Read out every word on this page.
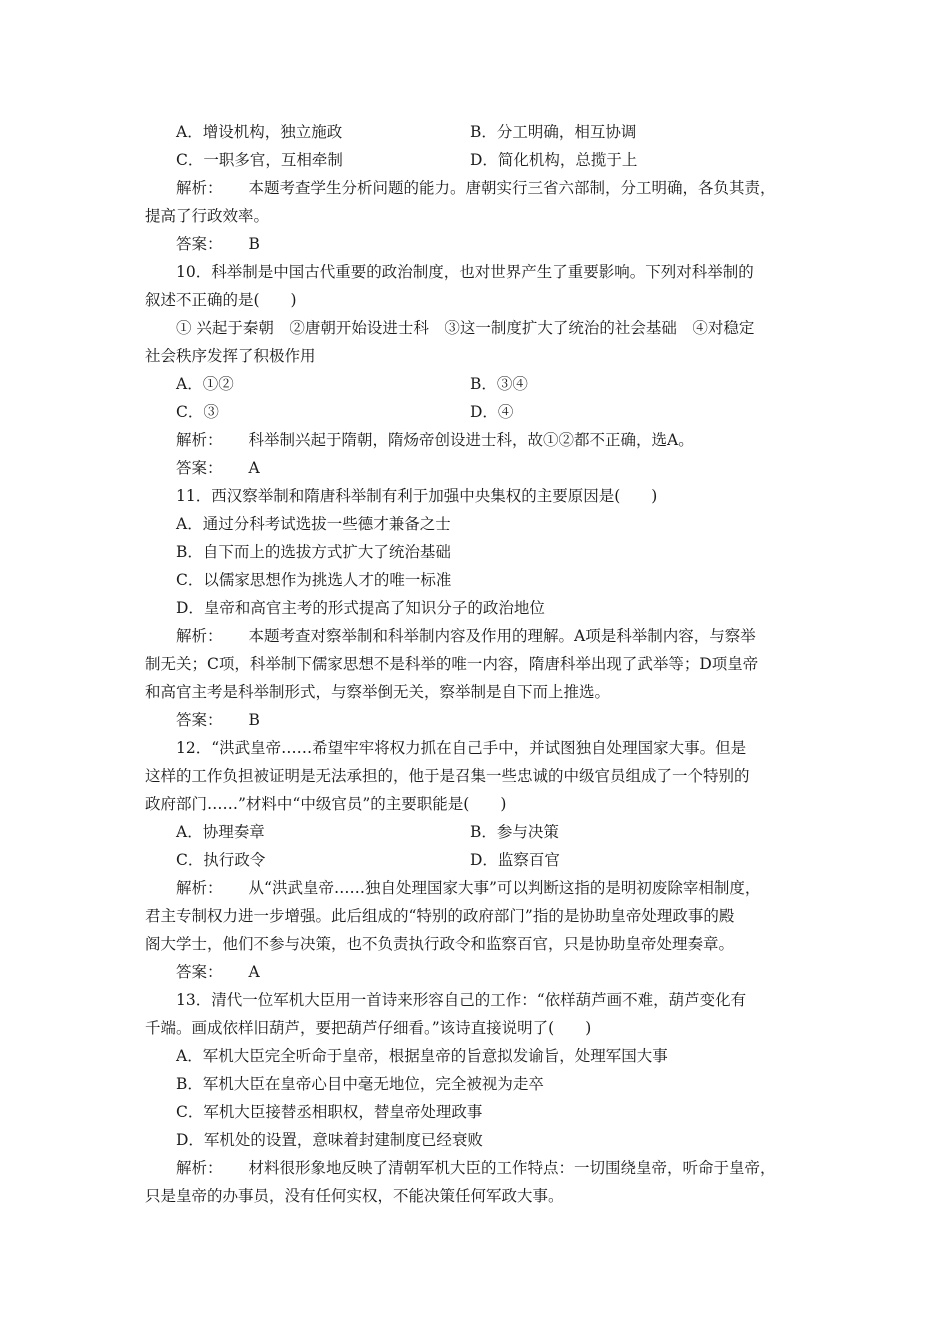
A．增设机构，独立施政	B．分工明确，相互协调
C．一职多官，互相牵制	D．简化机构，总揽于上
解析： 本题考查学生分析问题的能力。唐朝实行三省六部制，分工明确，各负其责，
提高了行政效率。
答案： B
10．科举制是中国古代重要的政治制度，也对世界产生了重要影响。下列对科举制的
叙述不正确的是(　　)
① 兴起于秦朝　②唐朝开始设进士科　③这一制度扩大了统治的社会基础　④对稳定
社会秩序发挥了积极作用
A．①②	B．③④
C．③	D．④
解析： 科举制兴起于隋朝，隋炀帝创设进士科，故①②都不正确，选A。
答案： A
11．西汉察举制和隋唐科举制有利于加强中央集权的主要原因是(　　)
A．通过分科考试选拔一些德才兼备之士
B．自下而上的选拔方式扩大了统治基础
C．以儒家思想作为挑选人才的唯一标准
D．皇帝和高官主考的形式提高了知识分子的政治地位
解析： 本题考查对察举制和科举制内容及作用的理解。A项是科举制内容，与察举
制无关；C项，科举制下儒家思想不是科举的唯一内容，隋唐科举出现了武举等；D项皇帝
和高官主考是科举制形式，与察举倒无关，察举制是自下而上推选。
答案： B
12．“洪武皇帝……希望牢牢将权力抓在自己手中，并试图独自处理国家大事。但是
这样的工作负担被证明是无法承担的，他于是召集一些忠诚的中级官员组成了一个特别的
政府部门……”材料中“中级官员”的主要职能是(　　)
A．协理奏章	B．参与决策
C．执行政令	D．监察百官
解析： 从“洪武皇帝……独自处理国家大事”可以判断这指的是明初废除宰相制度，
君主专制权力进一步增强。此后组成的“特别的政府部门”指的是协助皇帝处理政事的殿
阁大学士，他们不参与决策，也不负责执行政令和监察百官，只是协助皇帝处理奏章。
答案： A
13．清代一位军机大臣用一首诗来形容自己的工作：“依样葫芦画不难，葫芦变化有
千端。画成依样旧葫芦，要把葫芦仔细看。”该诗直接说明了(　　)
A．军机大臣完全听命于皇帝，根据皇帝的旨意拟发谕旨，处理军国大事
B．军机大臣在皇帝心目中毫无地位，完全被视为走卒
C．军机大臣接替丞相职权，替皇帝处理政事
D．军机处的设置，意味着封建制度已经衰败
解析： 材料很形象地反映了清朝军机大臣的工作特点：一切围绕皇帝，听命于皇帝，
只是皇帝的办事员，没有任何实权，不能决策任何军政大事。
